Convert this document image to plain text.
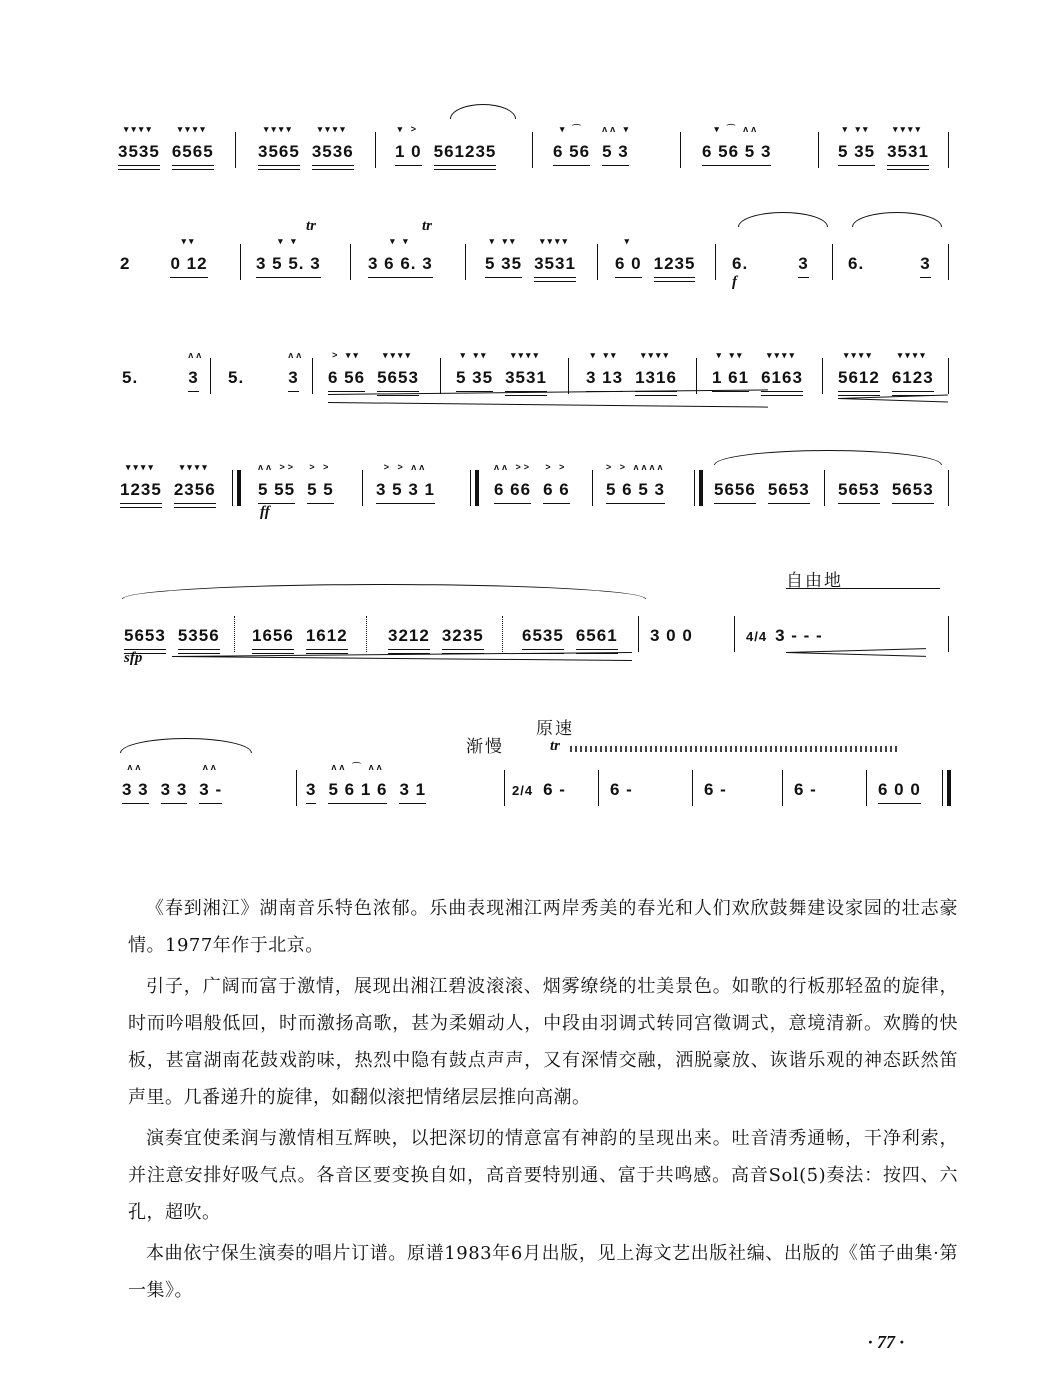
▾▾▾▾
3535
▾▾▾▾
6565
▾▾▾▾
3565
▾▾▾▾
3536
▾ >
1 0 561235
▾ ⁀
6 56
ʌʌ ▾
5 3
▾ ⁀ ʌʌ
6 56 5 3
▾ ▾▾
5 35
▾▾▾▾
3531
2
▾▾
0 12
▾ ▾
3 5 5. 3
tr
▾ ▾
3 6 6. 3
tr
▾ ▾▾
5 35
▾▾▾▾
3531
▾
6 0 1235	6.	3
f
6.	3
5.
ʌʌ
3	5.
ʌʌ
3
> ▾▾
6 56
▾▾▾▾
5653
▾ ▾▾
5 35
▾▾▾▾
3531
▾ ▾▾
3 13
▾▾▾▾
1316
▾ ▾▾
1 61
▾▾▾▾
6163
▾▾▾▾
5612
▾▾▾▾
6123
▾▾▾▾
1235
▾▾▾▾
2356
ʌʌ >>
5 55
> >
5 5
ff
> > ʌʌ
3 5 3 1
ʌʌ >>
6 66
> >
6 6
> > ʌʌʌʌ
5 6 5 3	5656 5653	5653 5653
5653 5356
sfp
1656 1612	3212 3235	6535 6561	3 0 0	4/4 3 - - -
自由地
ʌʌ
3 3 3 3
ʌʌ
3 -	3
ʌʌ ⁀ ʌʌ
5 6 1 6 3 1
渐慢
原速
2/4 6 -
tr
6 -	6 -	6 -	6 0 0

《春到湘江》湖南音乐特色浓郁。乐曲表现湘江两岸秀美的春光和人们欢欣鼓舞建设家园的壮志豪情。1977年作于北京。

引子，广阔而富于激情，展现出湘江碧波滚滚、烟雾缭绕的壮美景色。如歌的行板那轻盈的旋律，时而吟唱般低回，时而激扬高歌，甚为柔媚动人，中段由羽调式转同宫徵调式，意境清新。欢腾的快板，甚富湖南花鼓戏韵味，热烈中隐有鼓点声声，又有深情交融，洒脱豪放、诙谐乐观的神态跃然笛声里。几番递升的旋律，如翻似滚把情绪层层推向高潮。

演奏宜使柔润与激情相互辉映，以把深切的情意富有神韵的呈现出来。吐音清秀通畅，干净利索，并注意安排好吸气点。各音区要变换自如，高音要特别通、富于共鸣感。高音Sol(5̇)奏法：按四、六孔，超吹。

本曲依宁保生演奏的唱片订谱。原谱1983年6月出版，见上海文艺出版社编、出版的《笛子曲集·第一集》。

· 77 ·
